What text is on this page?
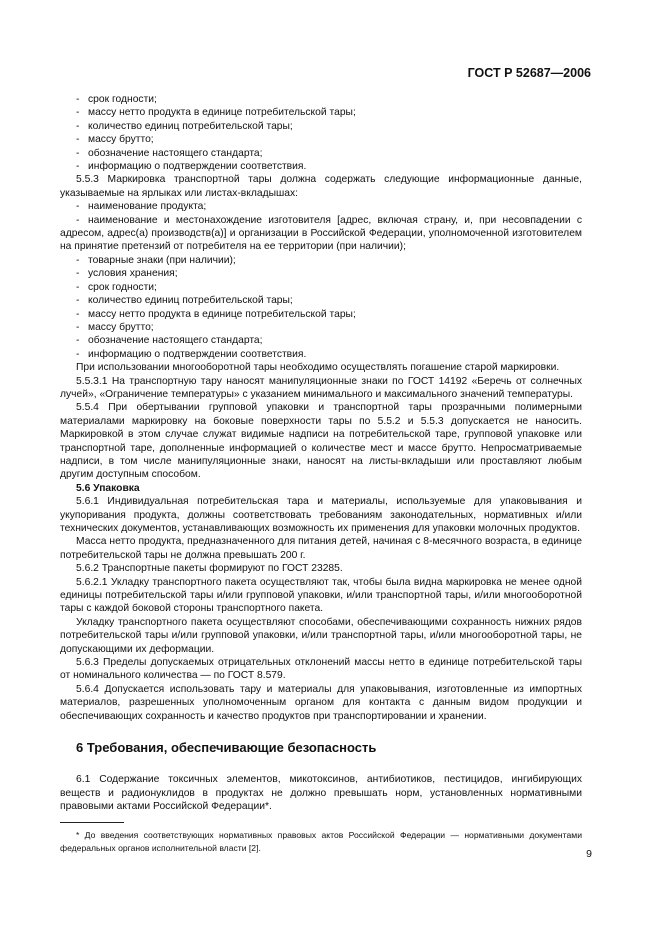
ГОСТ Р 52687—2006

- срок годности;

- массу нетто продукта в единице потребительской тары;

- количество единиц потребительской тары;

- массу брутто;

- обозначение настоящего стандарта;

- информацию о подтверждении соответствия.

5.5.3 Маркировка транспортной тары должна содержать следующие информационные данные, указываемые на ярлыках или листах-вкладышах:

- наименование продукта;

- наименование и местонахождение изготовителя [адрес, включая страну, и, при несовпадении с адресом, адрес(а) производств(а)] и организации в Российской Федерации, уполномоченной изготовителем на принятие претензий от потребителя на ее территории (при наличии);

- товарные знаки (при наличии);

- условия хранения;

- срок годности;

- количество единиц потребительской тары;

- массу нетто продукта в единице потребительской тары;

- массу брутто;

- обозначение настоящего стандарта;

- информацию о подтверждении соответствия.

При использовании многооборотной тары необходимо осуществлять погашение старой маркировки.

5.5.3.1 На транспортную тару наносят манипуляционные знаки по ГОСТ 14192 «Беречь от солнечных лучей», «Ограничение температуры» с указанием минимального и максимального значений температуры.

5.5.4 При обертывании групповой упаковки и транспортной тары прозрачными полимерными материалами маркировку на боковые поверхности тары по 5.5.2 и 5.5.3 допускается не наносить. Маркировкой в этом случае служат видимые надписи на потребительской таре, групповой упаковке или транспортной таре, дополненные информацией о количестве мест и массе брутто. Непросматриваемые надписи, в том числе манипуляционные знаки, наносят на листы-вкладыши или проставляют любым другим доступным способом.

5.6 Упаковка

5.6.1 Индивидуальная потребительская тара и материалы, используемые для упаковывания и укупоривания продукта, должны соответствовать требованиям законодательных, нормативных и/или технических документов, устанавливающих возможность их применения для упаковки молочных продуктов.

Масса нетто продукта, предназначенного для питания детей, начиная с 8-месячного возраста, в единице потребительской тары не должна превышать 200 г.

5.6.2 Транспортные пакеты формируют по ГОСТ 23285.

5.6.2.1 Укладку транспортного пакета осуществляют так, чтобы была видна маркировка не менее одной единицы потребительской тары и/или групповой упаковки, и/или транспортной тары, и/или многооборотной тары с каждой боковой стороны транспортного пакета.

Укладку транспортного пакета осуществляют способами, обеспечивающими сохранность нижних рядов потребительской тары и/или групповой упаковки, и/или транспортной тары, и/или многооборотной тары, не допускающими их деформации.

5.6.3 Пределы допускаемых отрицательных отклонений массы нетто в единице потребительской тары от номинального количества — по ГОСТ 8.579.

5.6.4 Допускается использовать тару и материалы для упаковывания, изготовленные из импортных материалов, разрешенных уполномоченным органом для контакта с данным видом продукции и обеспечивающих сохранность и качество продуктов при транспортировании и хранении.

6 Требования, обеспечивающие безопасность

6.1 Содержание токсичных элементов, микотоксинов, антибиотиков, пестицидов, ингибирующих веществ и радионуклидов в продуктах не должно превышать норм, установленных нормативными правовыми актами Российской Федерации*.

* До введения соответствующих нормативных правовых актов Российской Федерации — нормативными документами федеральных органов исполнительной власти [2].

9
